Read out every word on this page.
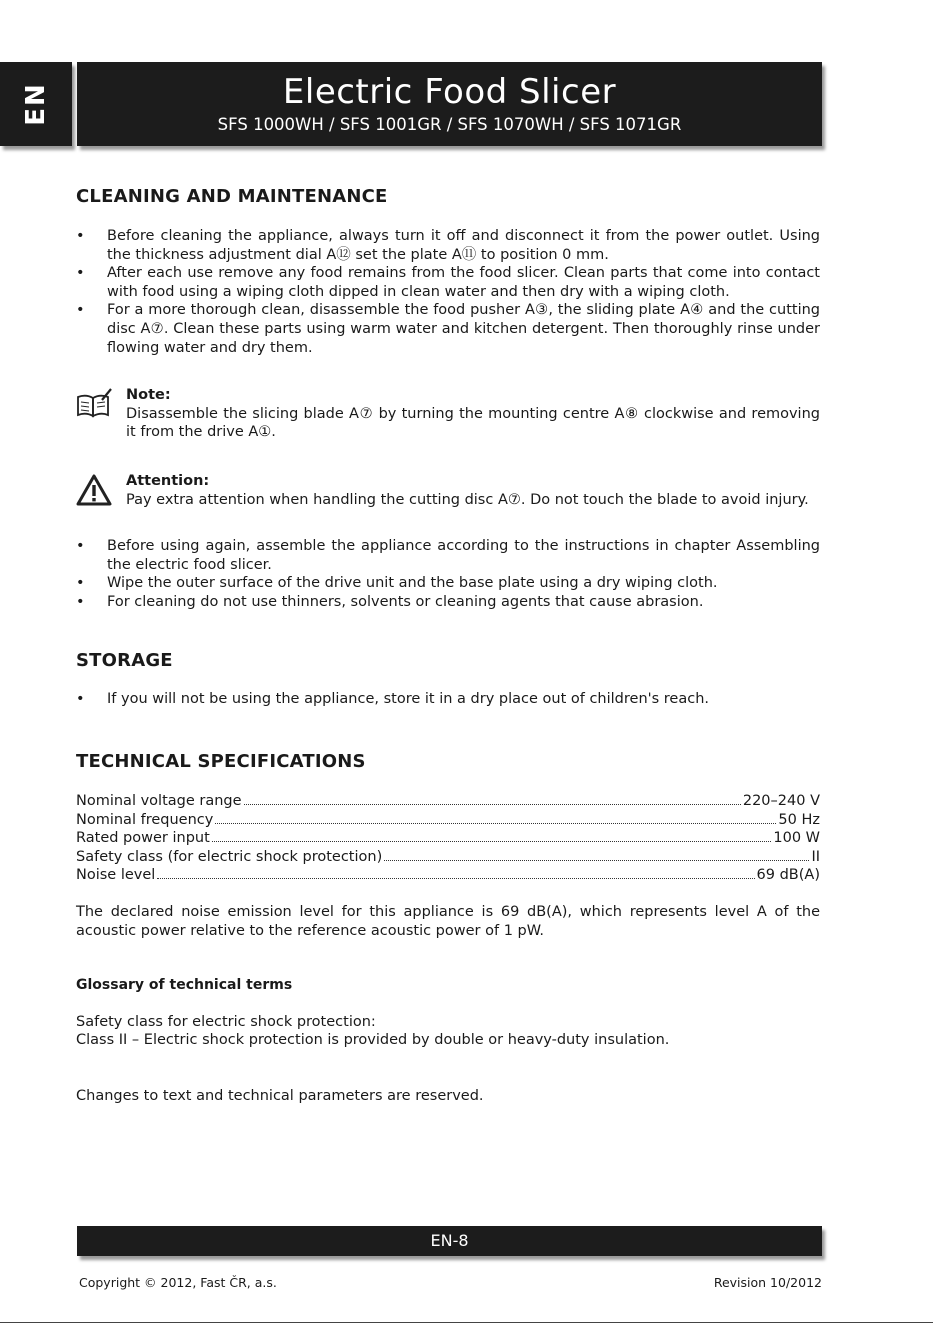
EN	Electric Food Slicer
SFS 1000WH / SFS 1001GR / SFS 1070WH / SFS 1071GR
CLEANING AND MAINTENANCE
• Before cleaning the appliance, always turn it off and disconnect it from the power outlet. Using the thickness adjustment dial A⑫ set the plate A⑪ to position 0 mm.
• After each use remove any food remains from the food slicer. Clean parts that come into contact with food using a wiping cloth dipped in clean water and then dry with a wiping cloth.
• For a more thorough clean, disassemble the food pusher A③, the sliding plate A④ and the cutting disc A⑦. Clean these parts using warm water and kitchen detergent. Then thoroughly rinse under flowing water and dry them.
Note:
Disassemble the slicing blade A⑦ by turning the mounting centre A⑧ clockwise and removing it from the drive A①.
Attention:
Pay extra attention when handling the cutting disc A⑦. Do not touch the blade to avoid injury.
• Before using again, assemble the appliance according to the instructions in chapter Assembling the electric food slicer.
• Wipe the outer surface of the drive unit and the base plate using a dry wiping cloth.
• For cleaning do not use thinners, solvents or cleaning agents that cause abrasion.
STORAGE
• If you will not be using the appliance, store it in a dry place out of children's reach.
TECHNICAL SPECIFICATIONS
Nominal voltage range	220–240 V
Nominal frequency	50 Hz
Rated power input	100 W
Safety class (for electric shock protection)	II
Noise level	69 dB(A)

The declared noise emission level for this appliance is 69 dB(A), which represents level A of the acoustic power relative to the reference acoustic power of 1 pW.

Glossary of technical terms

Safety class for electric shock protection:

Class II – Electric shock protection is provided by double or heavy-duty insulation.

Changes to text and technical parameters are reserved.

EN-8
Copyright © 2012, Fast ČR, a.s.	Revision 10/2012
